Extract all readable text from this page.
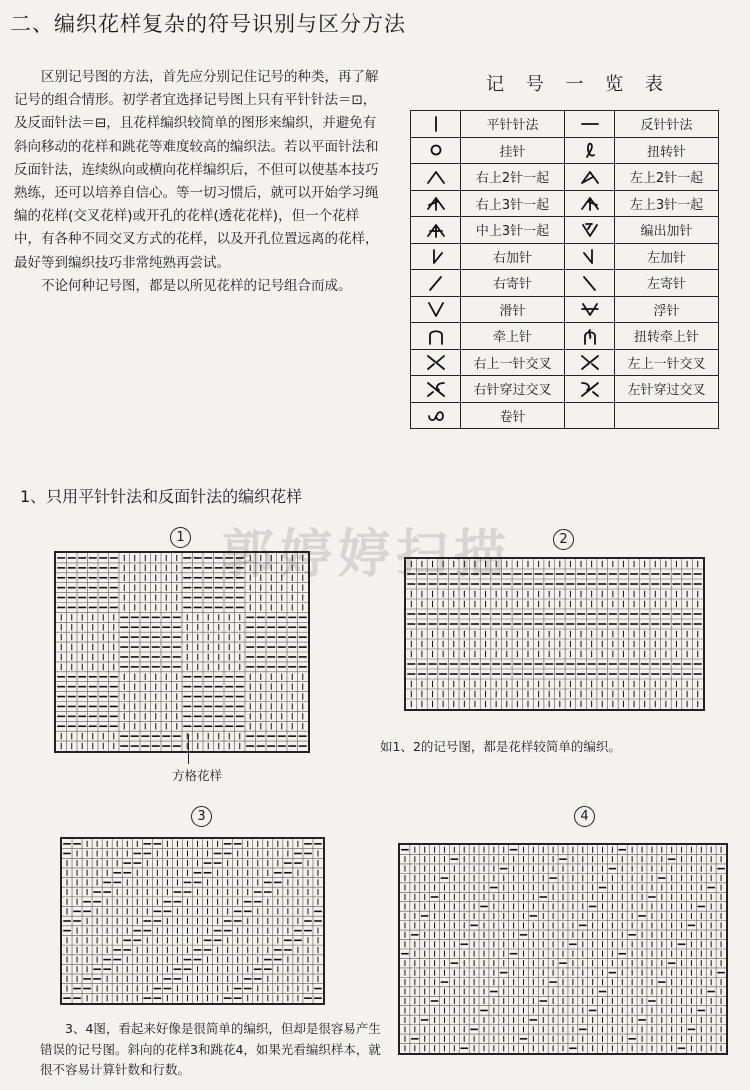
二、编织花样复杂的符号识别与区分方法

区别记号图的方法，首先应分别记住记号的种类，再了解记号的组合情形。初学者宜选择记号图上只有平针针法＝⊡，及反面针法＝⊟，且花样编织较简单的图形来编织，并避免有斜向移动的花样和跳花等难度较高的编织法。若以平面针法和反面针法，连续纵向或横向花样编织后，不但可以使基本技巧熟练，还可以培养自信心。等一切习惯后，就可以开始学习绳编的花样(交叉花样)或开孔的花样(透花花样)，但一个花样中，有各种不同交叉方式的花样，以及开孔位置远离的花样，最好等到编织技巧非常纯熟再尝试。

不论何种记号图，都是以所见花样的记号组合而成。

记 号 一 览 表
	平针针法		反针针法

	挂针		扭转针

	右上2针一起		左上2针一起

	右上3针一起		左上3针一起

	中上3针一起		编出加针

	右加针		左加针

	右寄针		左寄针

	滑针		浮针

	牵上针		扭转牵上针

	右上一针交叉		左上一针交叉

	右针穿过交叉		左针穿过交叉

	卷针		
郭婷婷扫描
1、只用平针针法和反面针法的编织花样
1	2
3	4
方格花样
如1、2的记号图，都是花样较简单的编织。

3、4图，看起来好像是很简单的编织，但却是很容易产生错误的记号图。斜向的花样3和跳花4，如果光看编织样本，就很不容易计算针数和行数。
